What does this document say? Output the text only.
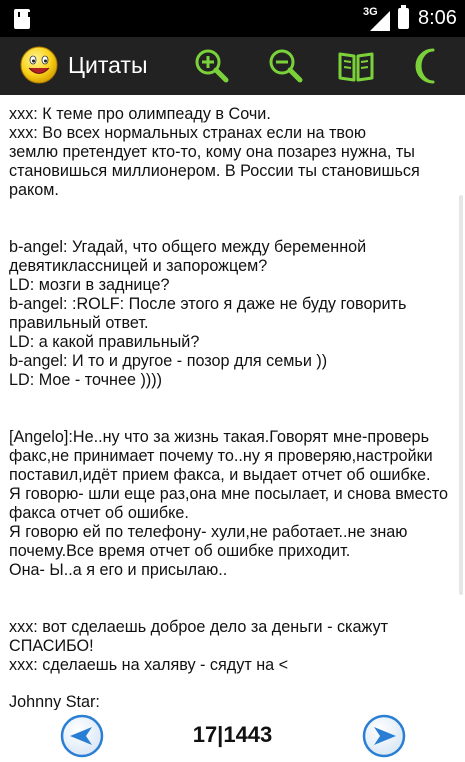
3G 8:06
Цитаты
xxx: К теме про олимпеаду в Сочи.
xxx: Во всех нормальных странах если на твою
землю претендует кто-то, кому она позарез нужна, ты
становишься миллионером. В России ты становишься
раком.
b-angel: Угадай, что общего между беременной
девятиклассницей и запорожцем?
LD: мозги в заднице?
b-angel: :ROLF: После этого я даже не буду говорить
правильный ответ.
LD: а какой правильный?
b-angel: И то и другое - позор для семьи ))
LD: Мое - точнее ))))
[Angelo]:Не..ну что за жизнь такая.Говорят мне-проверь
факс,не принимает почему то..ну я проверяю,настройки
поставил,идёт прием факса, и выдает отчет об ошибке.
Я говорю- шли еще раз,она мне посылает, и снова вместо
факса отчет об ошибке.
Я говорю ей по телефону- хули,не работает..не знаю
почему.Все время отчет об ошибке приходит.
Она- Ы..а я его и присылаю..
xxx: вот сделаешь доброе дело за деньги - скажут
СПАСИБО!
xxx: сделаешь на халяву - сядут на <
Johnny Star:
17|1443
